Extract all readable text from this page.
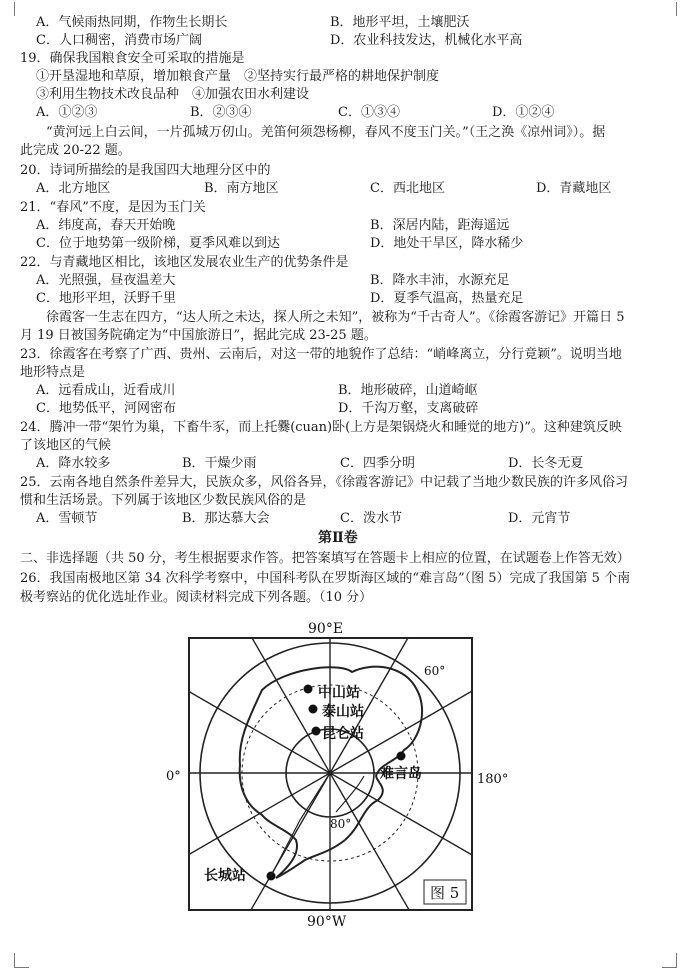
A．气候雨热同期，作物生长期长	B．地形平坦，土壤肥沃
C．人口稠密，消费市场广阔	D．农业科技发达，机械化水平高
19．确保我国粮食安全可采取的措施是
①开垦湿地和草原，增加粮食产量　②坚持实行最严格的耕地保护制度
③利用生物技术改良品种　④加强农田水利建设
A．①②③	B．②③④	C．①③④	D．①②④
“黄河远上白云间，一片孤城万仞山。羌笛何须怨杨柳，春风不度玉门关。”（王之涣《凉州词》）。据
此完成 20-22 题。
20．诗词所描绘的是我国四大地理分区中的
A．北方地区	B．南方地区	C．西北地区	D．青藏地区
21．“春风”不度，是因为玉门关
A．纬度高，春天开始晚	B．深居内陆，距海遥远
C．位于地势第一级阶梯，夏季风难以到达	D．地处干旱区，降水稀少
22．与青藏地区相比，该地区发展农业生产的优势条件是
A．光照强，昼夜温差大	B．降水丰沛，水源充足
C．地形平坦，沃野千里	D．夏季气温高，热量充足
徐霞客一生志在四方，“达人所之未达，探人所之未知”，被称为“千古奇人”。《徐霞客游记》开篇日 5
月 19 日被国务院确定为“中国旅游日”，据此完成 23-25 题。
23．徐霞客在考察了广西、贵州、云南后，对这一带的地貌作了总结：“峭峰离立，分行竟颖”。说明当地
地形特点是
A．远看成山，近看成川	B．地形破碎，山道崎岖
C．地势低平，河网密布	D．千沟万壑，支离破碎
24．腾冲一带“架竹为巢，下畜牛豕，而上托爨(cuan)卧(上方是架锅烧火和睡觉的地方)”。这种建筑反映
了该地区的气候
A．降水较多	B．干燥少雨	C．四季分明	D．长冬无夏
25．云南各地自然条件差异大，民族众多，风俗各异，《徐霞客游记》中记载了当地少数民族的许多风俗习
惯和生活场景。下列属于该地区少数民族风俗的是
A．雪顿节	B．那达慕大会	C．泼水节	D．元宵节
二、非选择题（共 50 分，考生根据要求作答。把答案填写在答题卡上相应的位置，在试题卷上作答无效）
26．我国南极地区第 34 次科学考察中，中国科考队在罗斯海区域的“难言岛”（图 5）完成了我国第 5 个南
极考察站的优化选址作业。阅读材料完成下列各题。（10 分）
第Ⅱ卷
90°E
90°W
0°	180°
60°
80°
中山站
泰山站
昆仑站
难言岛
长城站
图 5
